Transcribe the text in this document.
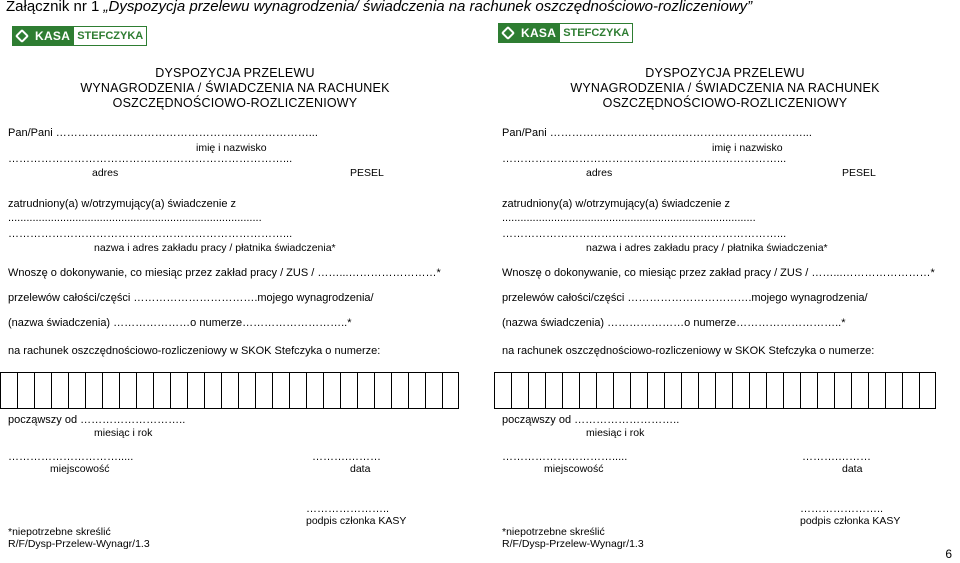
Załącznik nr 1 „Dyspozycja przelewu wynagrodzenia/ świadczenia na rachunek oszczędnościowo-rozliczeniowy”
KASA STEFCZYKA
DYSPOZYCJA PRZELEWU
WYNAGRODZENIA / ŚWIADCZENIA NA RACHUNEK
OSZCZĘDNOŚCIOWO-ROZLICZENIOWY
Pan/Pani ……………………………………………………………...
imię i nazwisko
…………………………………………………………………...
adres	PESEL
zatrudniony(a) w/otrzymujący(a) świadczenie z
...................................................................................
…………………………………………………………………...
nazwa i adres zakładu pracy / płatnika świadczenia*
Wnoszę o dokonywanie, co miesiąc przez zakład pracy / ZUS / ……...……………………*
przelewów całości/części …………………………….mojego wynagrodzenia/
(nazwa świadczenia) …………………o numerze………………………..*
na rachunek oszczędnościowo-rozliczeniowy w SKOK Stefczyka o numerze:
począwszy od ………………………..
miesiąc i rok
………………………….....
miejscowość
……….………
data
…………………..
podpis członka KASY
*niepotrzebne skreślić
R/F/Dysp-Przelew-Wynagr/1.3
KASA STEFCZYKA
DYSPOZYCJA PRZELEWU
WYNAGRODZENIA / ŚWIADCZENIA NA RACHUNEK
OSZCZĘDNOŚCIOWO-ROZLICZENIOWY
Pan/Pani ……………………………………………………………...
imię i nazwisko
…………………………………………………………………...
adres	PESEL
zatrudniony(a) w/otrzymujący(a) świadczenie z
...................................................................................
…………………………………………………………………...
nazwa i adres zakładu pracy / płatnika świadczenia*
Wnoszę o dokonywanie, co miesiąc przez zakład pracy / ZUS / ……...……………………*
przelewów całości/części …………………………….mojego wynagrodzenia/
(nazwa świadczenia) …………………o numerze………………………..*
na rachunek oszczędnościowo-rozliczeniowy w SKOK Stefczyka o numerze:
począwszy od ………………………..
miesiąc i rok
………………………….....
miejscowość
……….………
data
…………………..
podpis członka KASY
*niepotrzebne skreślić
R/F/Dysp-Przelew-Wynagr/1.3
6
